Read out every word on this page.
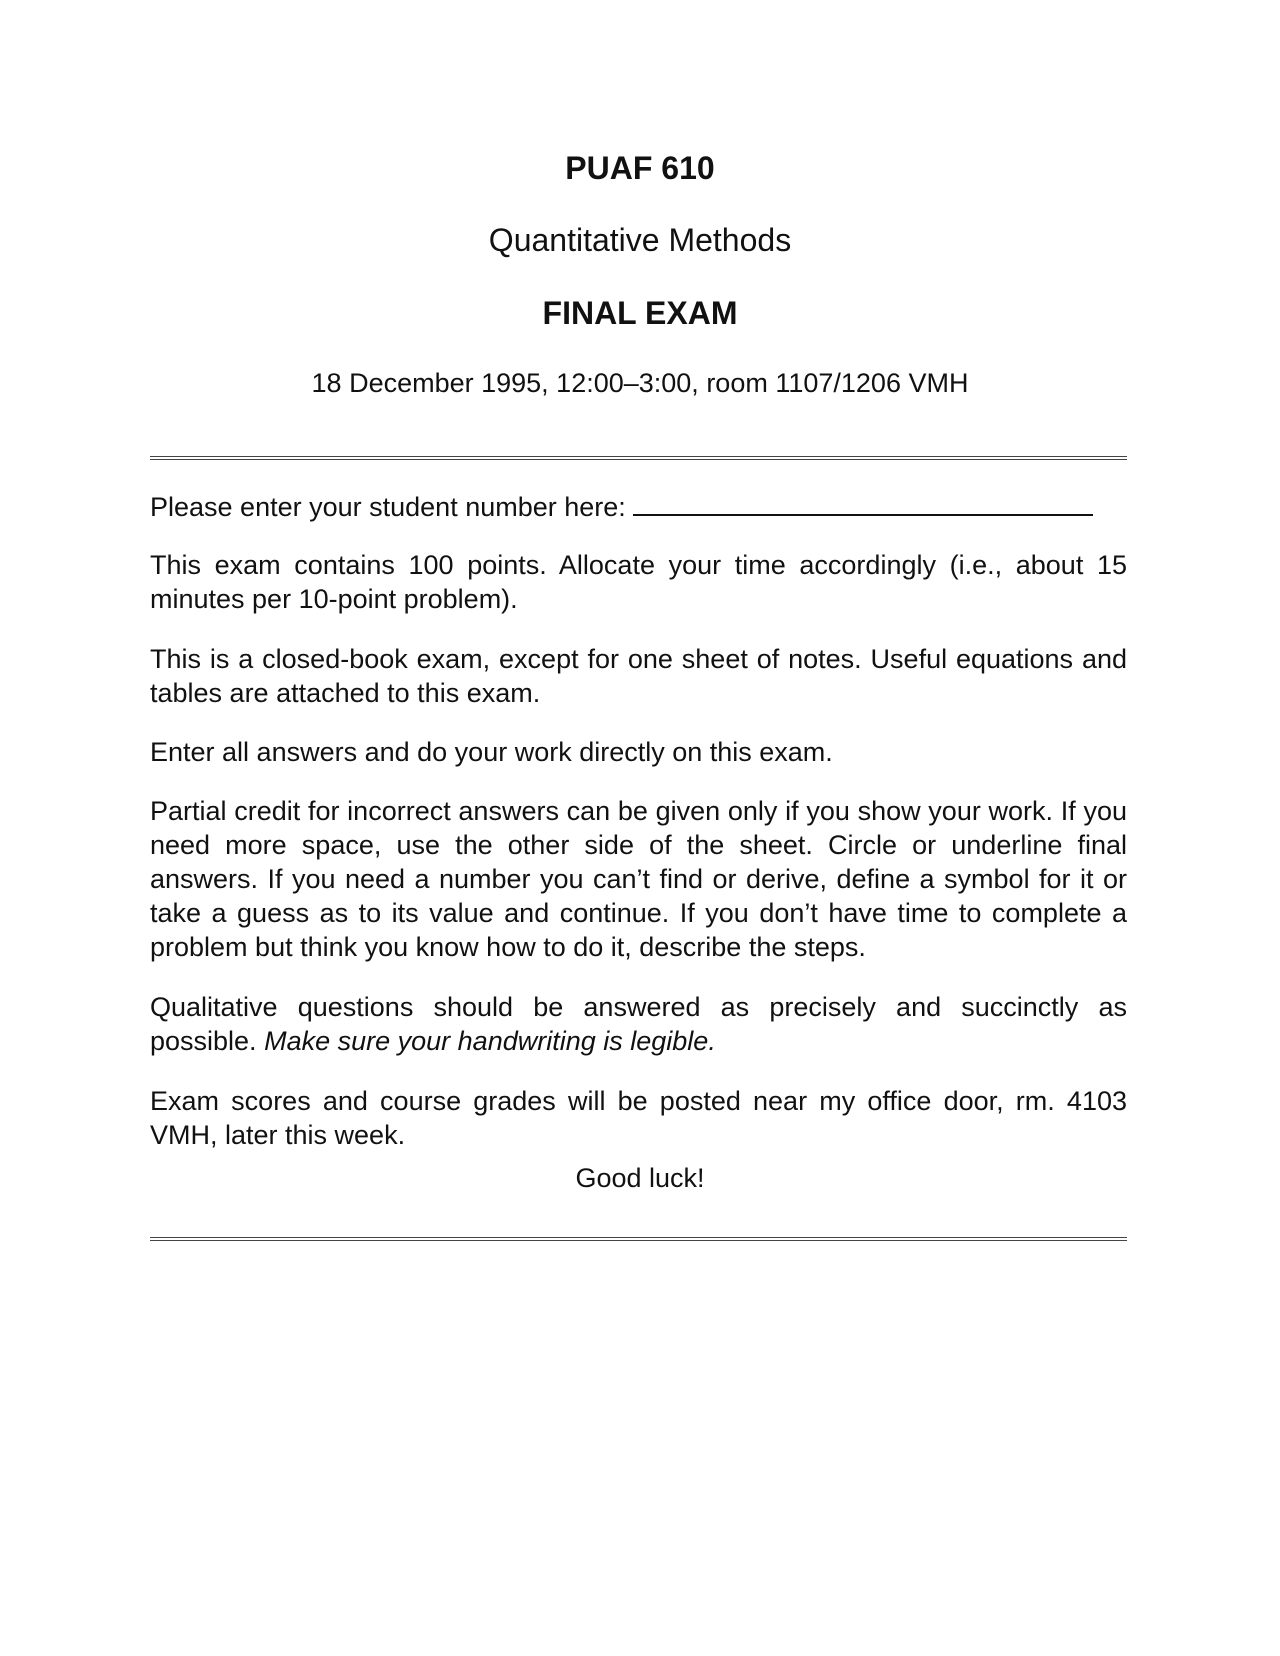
PUAF 610

Quantitative Methods

FINAL EXAM

18 December 1995, 12:00–3:00, room 1107/1206 VMH

Please enter your student number here:

This exam contains 100 points. Allocate your time accordingly (i.e., about 15 minutes per 10-point problem).

This is a closed-book exam, except for one sheet of notes. Useful equations and tables are attached to this exam.

Enter all answers and do your work directly on this exam.

Partial credit for incorrect answers can be given only if you show your work. If you need more space, use the other side of the sheet. Circle or underline final answers. If you need a number you can’t find or derive, define a symbol for it or take a guess as to its value and continue. If you don’t have time to complete a problem but think you know how to do it, describe the steps.

Qualitative questions should be answered as precisely and succinctly as possible. Make sure your handwriting is legible.

Exam scores and course grades will be posted near my office door, rm. 4103 VMH, later this week.

Good luck!
